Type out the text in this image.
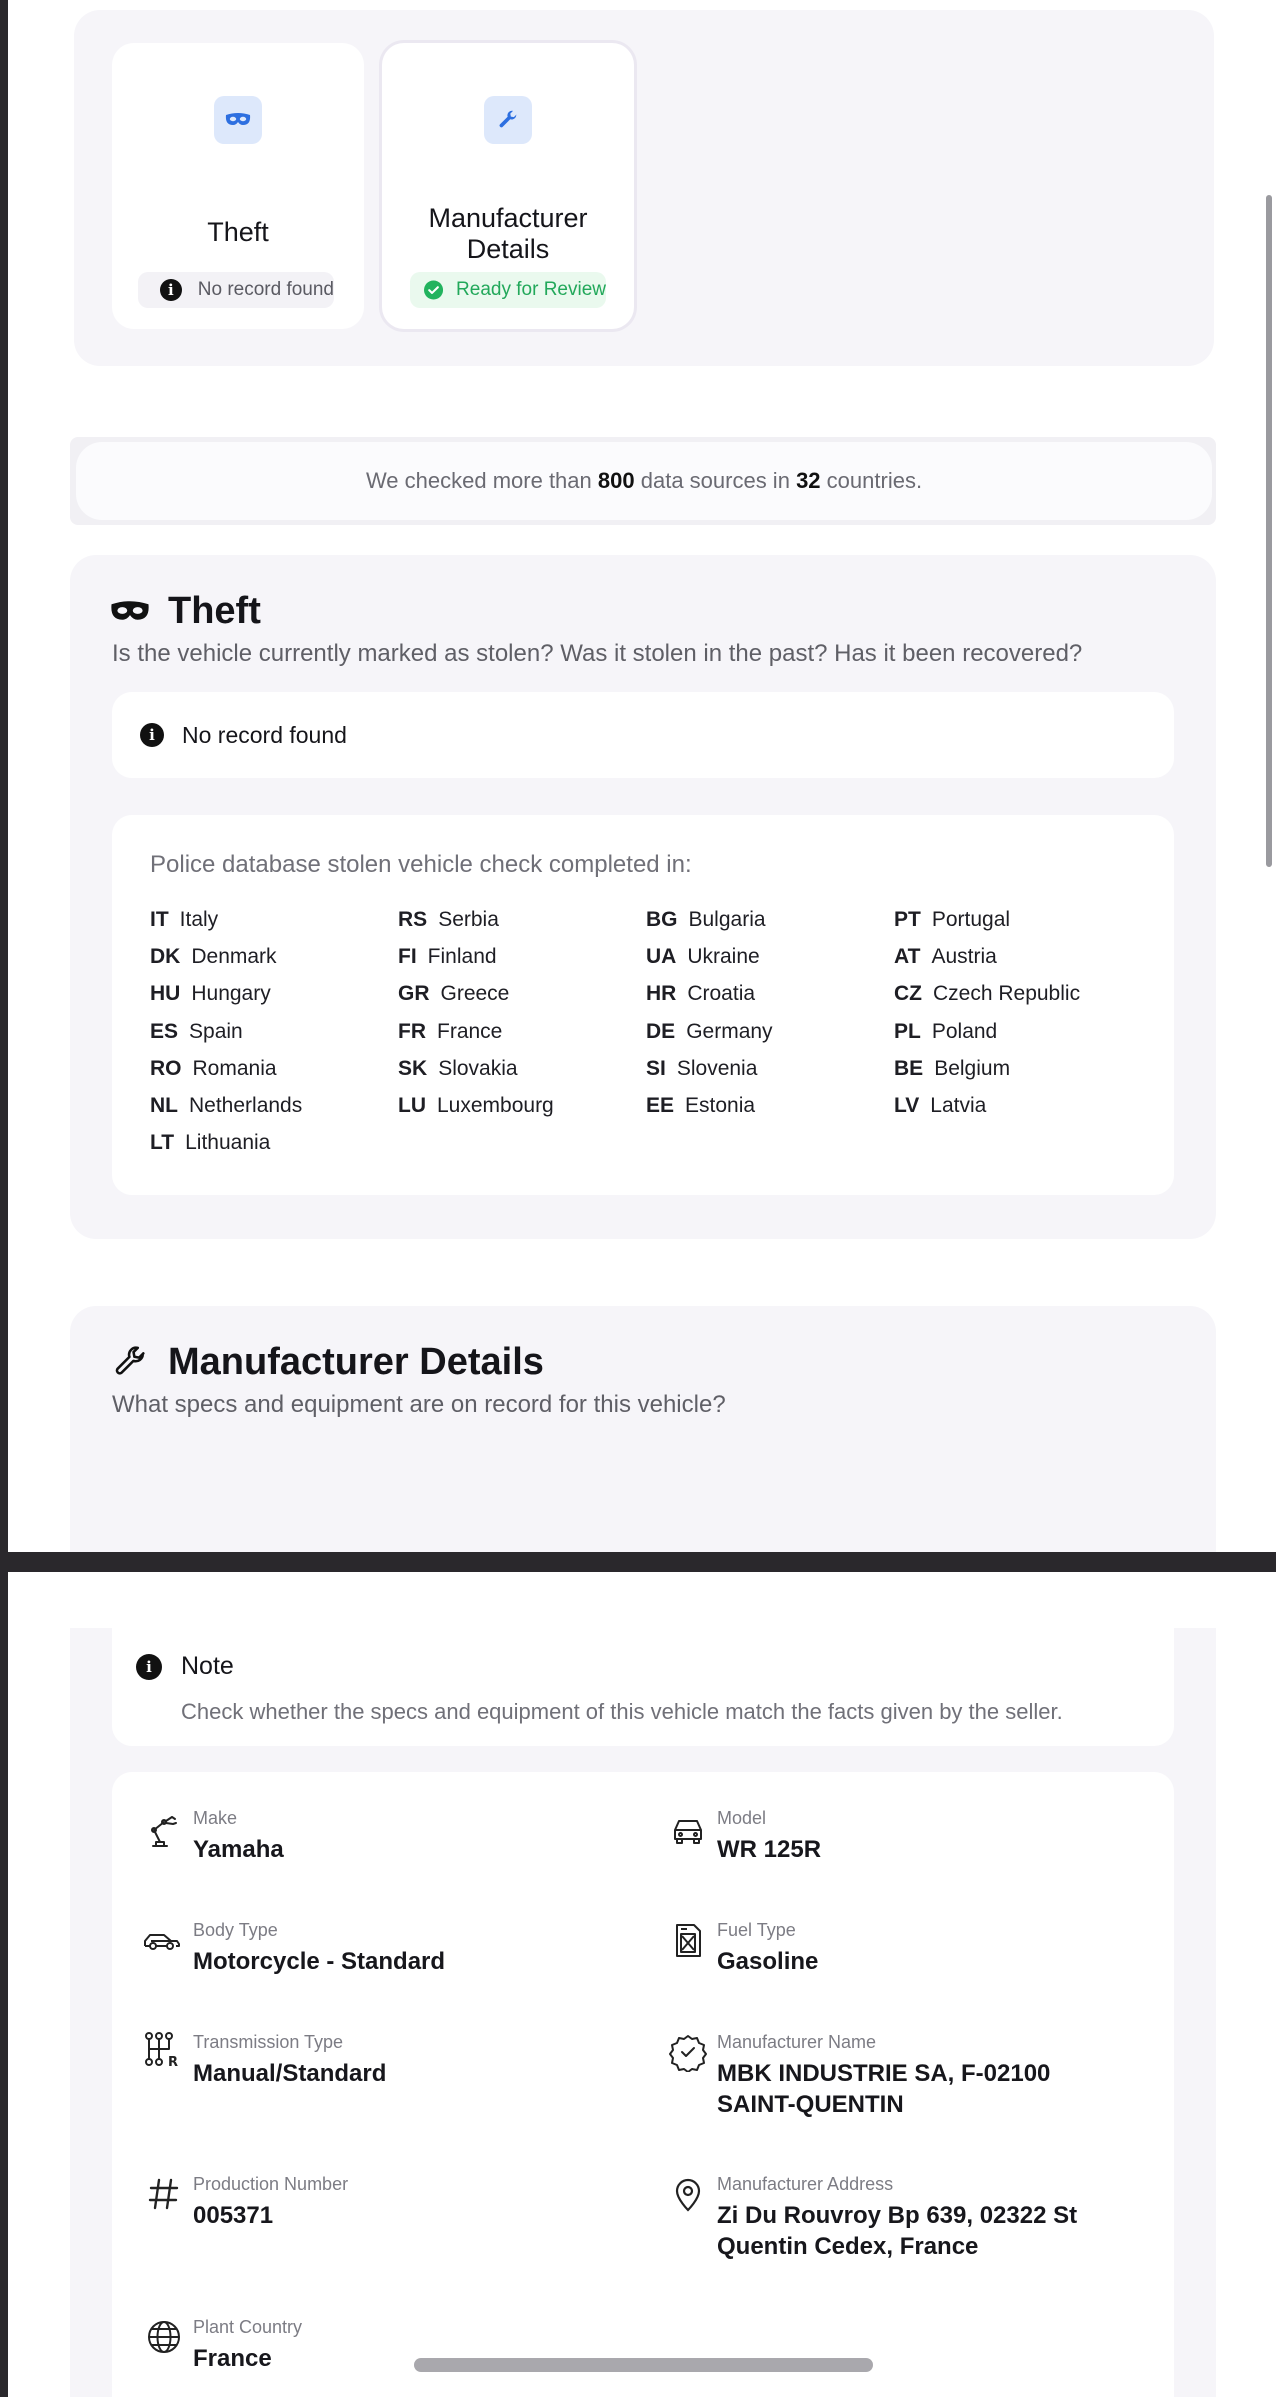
Theft
i	No record found
Manufacturer Details
Ready for Review
We checked more than
800
data sources in
32
countries.
Theft
Is the vehicle currently marked as stolen? Was it stolen in the past? Has it been recovered?
i	No record found
Police database stolen vehicle check completed in:
IT Italy	RS Serbia	BG Bulgaria	PT Portugal
DK Denmark	FI Finland	UA Ukraine	AT Austria
HU Hungary	GR Greece	HR Croatia	CZ Czech Republic
ES Spain	FR France	DE Germany	PL Poland
RO Romania	SK Slovakia	SI Slovenia	BE Belgium
NL Netherlands	LU Luxembourg	EE Estonia	LV Latvia
LT Lithuania
Manufacturer Details
What specs and equipment are on record for this vehicle?
i	Note
Check whether the specs and equipment of this vehicle match the facts given by the seller.
R
Make
Yamaha
Model
WR 125R
Body Type
Motorcycle - Standard
Fuel Type
Gasoline
Transmission Type
Manual/Standard
Manufacturer Name
MBK INDUSTRIE SA, F-02100 SAINT-QUENTIN
Production Number
005371
Manufacturer Address
Zi Du Rouvroy Bp 639, 02322 St Quentin Cedex, France
Plant Country
France
